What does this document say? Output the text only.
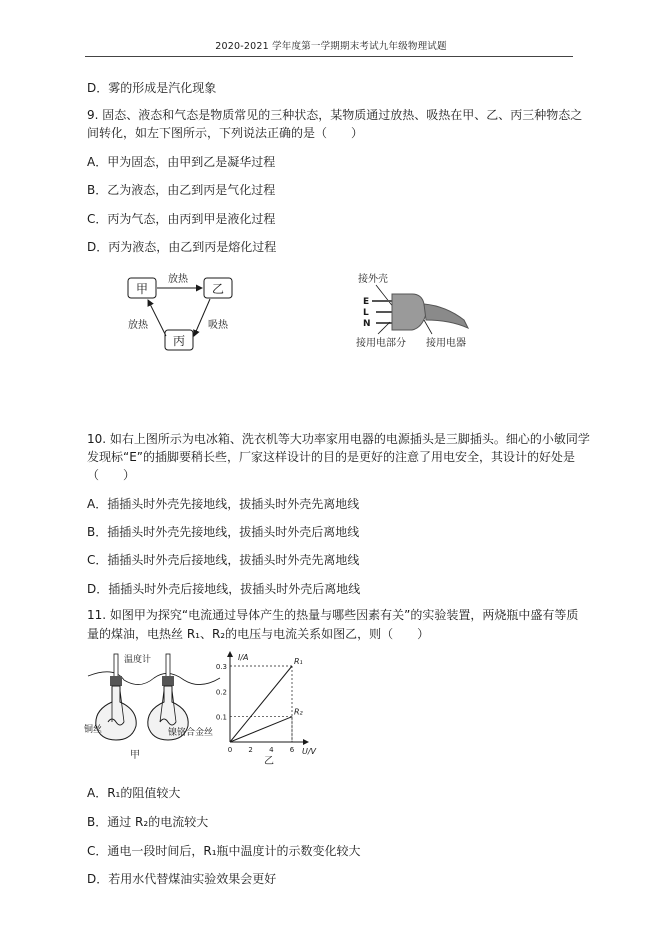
2020-2021 学年度第一学期期末考试九年级物理试题
D．雾的形成是汽化现象
9. 固态、液态和气态是物质常见的三种状态，某物质通过放热、吸热在甲、乙、丙三种物态之
间转化，如左下图所示，下列说法正确的是（　　）
A．甲为固态，由甲到乙是凝华过程
B．乙为液态，由乙到丙是气化过程
C．丙为气态，由丙到甲是液化过程
D．丙为液态，由乙到丙是熔化过程
甲	乙
丙
放热
放热	吸热
接外壳
E
L
N
接用电部分 接用电器
10. 如右上图所示为电冰箱、洗衣机等大功率家用电器的电源插头是三脚插头。细心的小敏同学
发现标“E”的插脚要稍长些，厂家这样设计的目的是更好的注意了用电安全，其设计的好处是
（　　）
A．插插头时外壳先接地线，拔插头时外壳先离地线
B．插插头时外壳先接地线，拔插头时外壳后离地线
C．插插头时外壳后接地线，拔插头时外壳先离地线
D．插插头时外壳后接地线，拔插头时外壳后离地线
11. 如图甲为探究“电流通过导体产生的热量与哪些因素有关”的实验装置，两烧瓶中盛有等质
量的煤油，电热丝 R₁、R₂的电压与电流关系如图乙，则（　　）
温度计
铜丝	镍铬合金丝
甲
I/A
U/V
0 2 4 6
0.1
0.2
0.3
R₁
R₂
乙
A．R₁的阻值较大
B．通过 R₂的电流较大
C．通电一段时间后，R₁瓶中温度计的示数变化较大
D．若用水代替煤油实验效果会更好
